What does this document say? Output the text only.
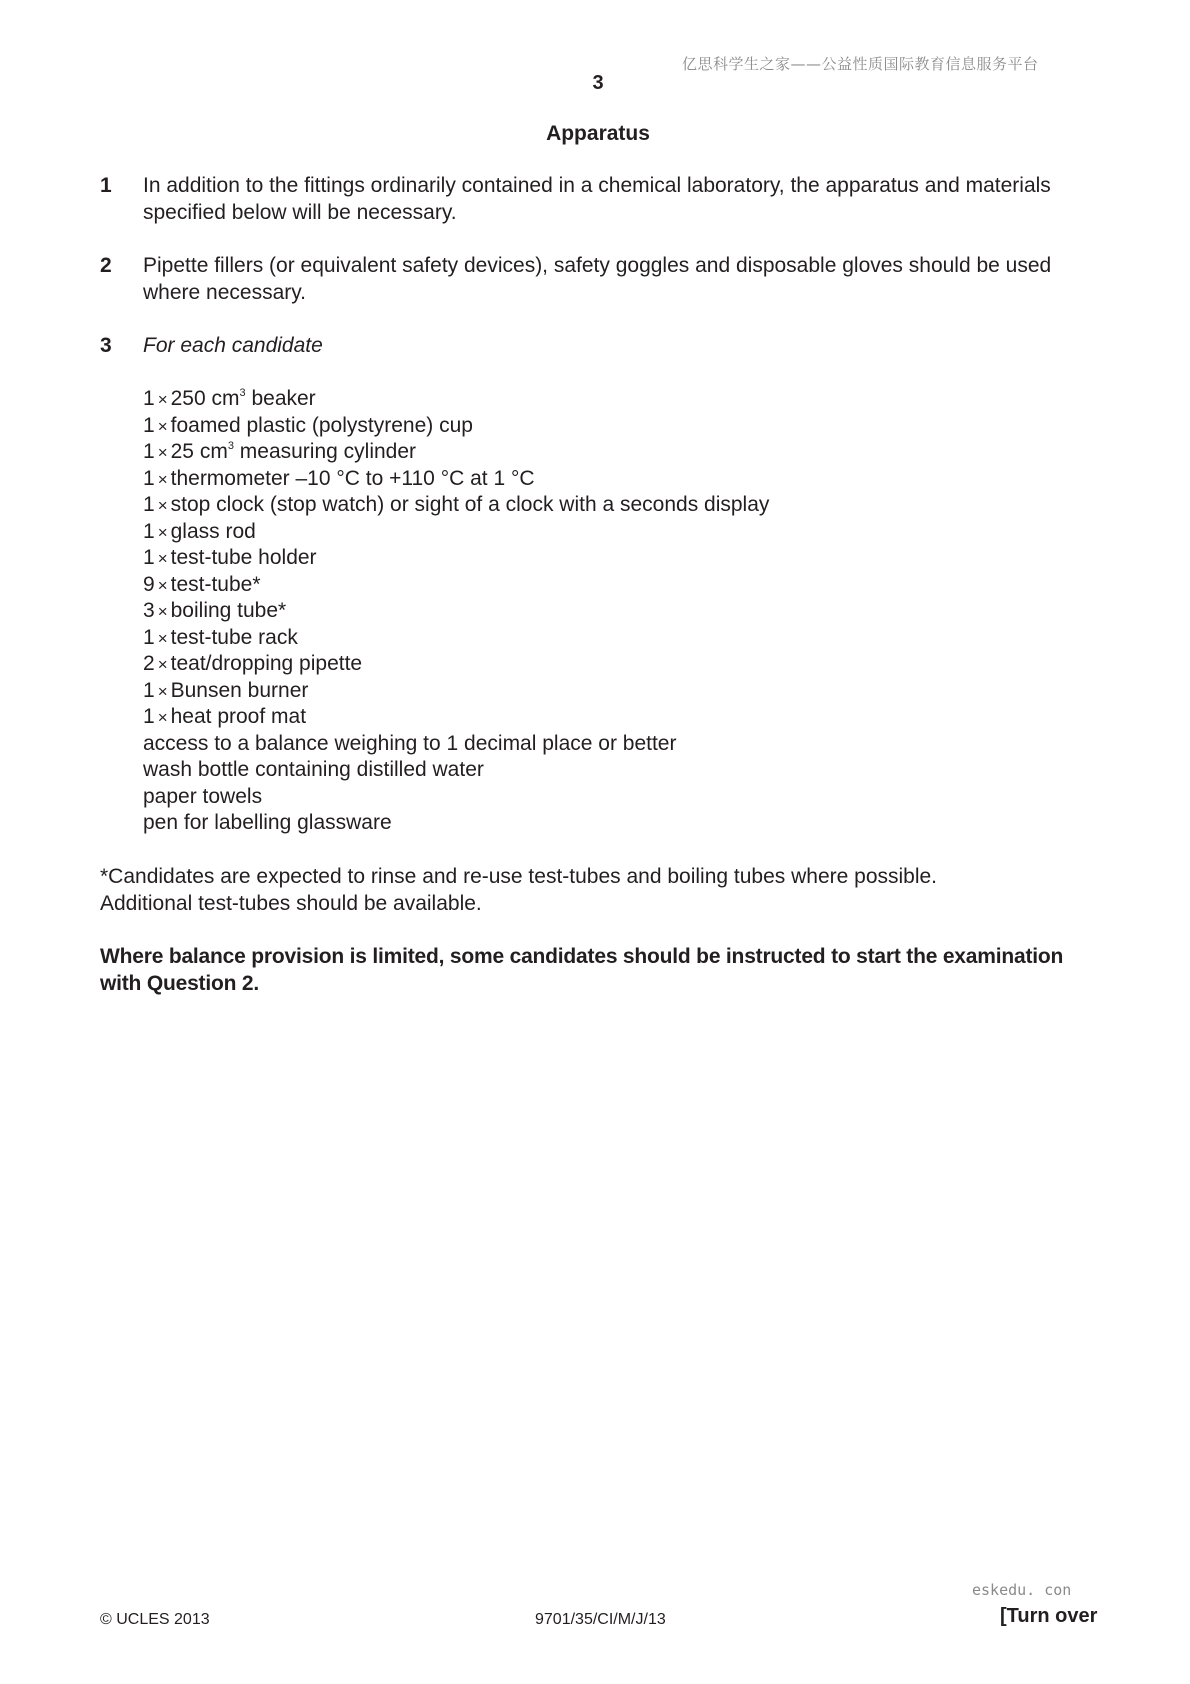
亿思科学生之家——公益性质国际教育信息服务平台
3
Apparatus
1 In addition to the fittings ordinarily contained in a chemical laboratory, the apparatus and materials specified below will be necessary.
2 Pipette fillers (or equivalent safety devices), safety goggles and disposable gloves should be used where necessary.
3 For each candidate
1 × 250 $cm^3$ beaker
1 × foamed plastic (polystyrene) cup
1 × 25 $cm^3$ measuring cylinder
1 × thermometer –10 °C to +110 °C at 1 °C
1 × stop clock (stop watch) or sight of a clock with a seconds display
1 × glass rod
1 × test-tube holder
9 × test-tube*
3 × boiling tube*
1 × test-tube rack
2 × teat/dropping pipette
1 × Bunsen burner
1 × heat proof mat
access to a balance weighing to 1 decimal place or better
wash bottle containing distilled water
paper towels
pen for labelling glassware
*Candidates are expected to rinse and re-use test-tubes and boiling tubes where possible.
Additional test-tubes should be available.
Where balance provision is limited, some candidates should be instructed to start the examination with Question 2.
eskedu. con
© UCLES 2013	9701/35/CI/M/J/13	[Turn over
